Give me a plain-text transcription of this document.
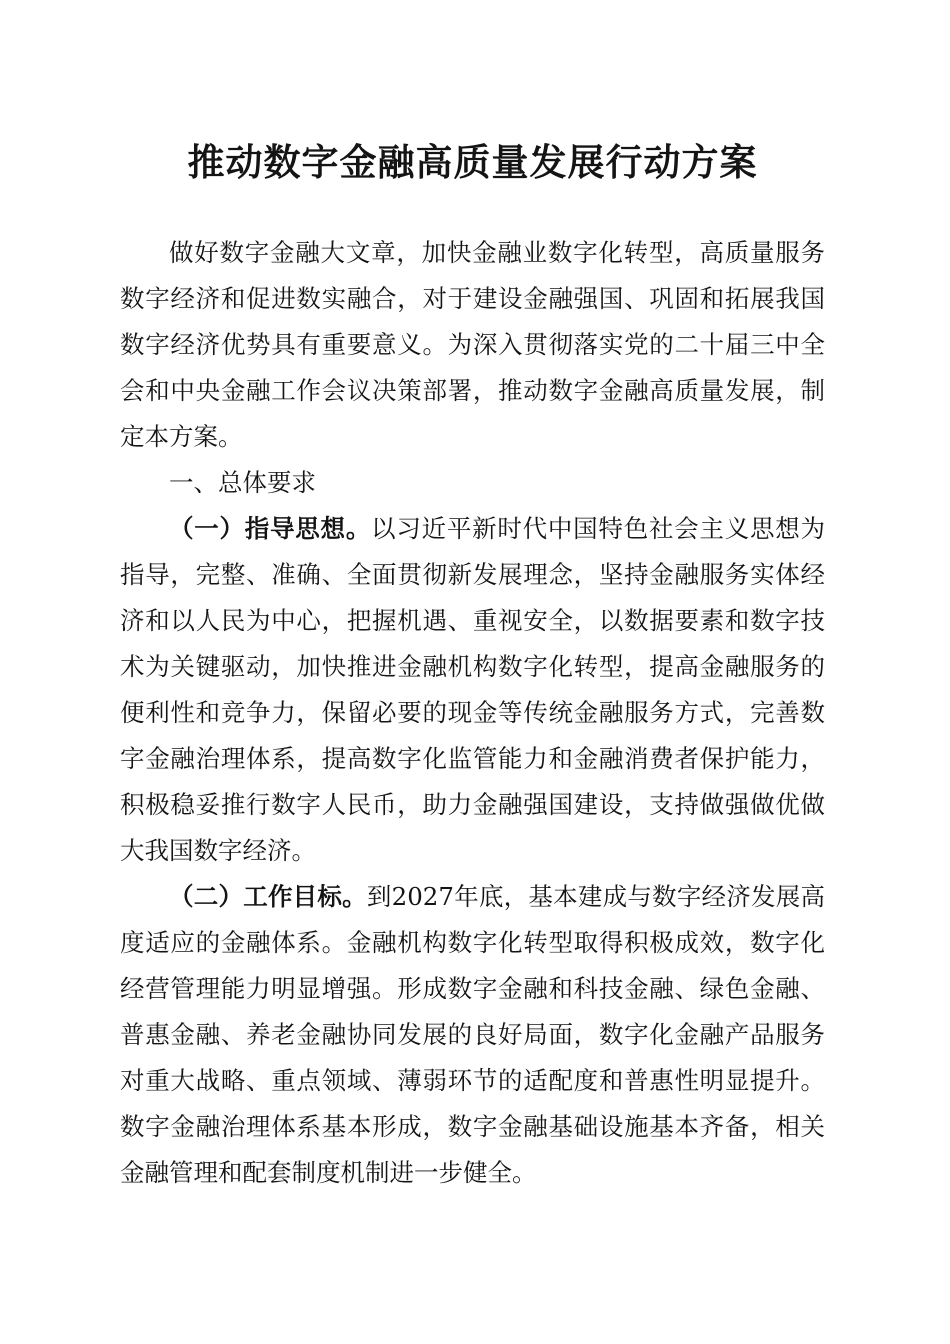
推动数字金融高质量发展行动方案

做好数字金融大文章，加快金融业数字化转型，高质量服务数字经济和促进数实融合，对于建设金融强国、巩固和拓展我国数字经济优势具有重要意义。为深入贯彻落实党的二十届三中全会和中央金融工作会议决策部署，推动数字金融高质量发展，制定本方案。

一、总体要求

（一）指导思想。以习近平新时代中国特色社会主义思想为指导，完整、准确、全面贯彻新发展理念，坚持金融服务实体经济和以人民为中心，把握机遇、重视安全，以数据要素和数字技术为关键驱动，加快推进金融机构数字化转型，提高金融服务的便利性和竞争力，保留必要的现金等传统金融服务方式，完善数字金融治理体系，提高数字化监管能力和金融消费者保护能力，积极稳妥推行数字人民币，助力金融强国建设，支持做强做优做大我国数字经济。

（二）工作目标。到2027年底，基本建成与数字经济发展高度适应的金融体系。金融机构数字化转型取得积极成效，数字化经营管理能力明显增强。形成数字金融和科技金融、绿色金融、普惠金融、养老金融协同发展的良好局面，数字化金融产品服务对重大战略、重点领域、薄弱环节的适配度和普惠性明显提升。数字金融治理体系基本形成，数字金融基础设施基本齐备，相关金融管理和配套制度机制进一步健全。
